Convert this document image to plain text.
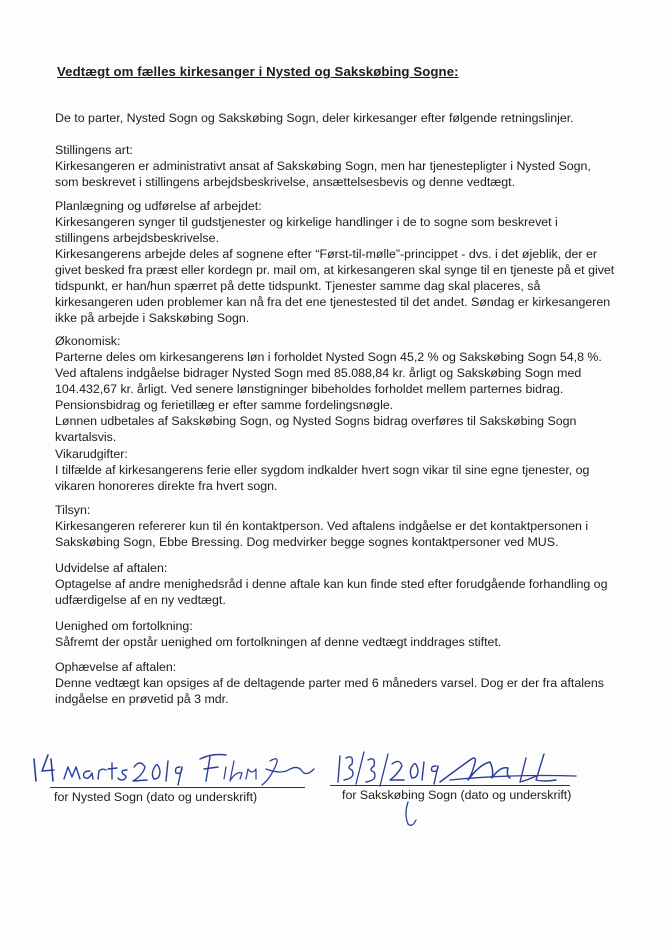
Vedtægt om fælles kirkesanger i Nysted og Sakskøbing Sogne:

De to parter, Nysted Sogn og Sakskøbing Sogn, deler kirkesanger efter følgende retningslinjer.

Stillingens art:

Kirkesangeren er administrativt ansat af Sakskøbing Sogn, men har tjenestepligter i Nysted Sogn, som beskrevet i stillingens arbejdsbeskrivelse, ansættelsesbevis og denne vedtægt.

Planlægning og udførelse af arbejdet:

Kirkesangeren synger til gudstjenester og kirkelige handlinger i de to sogne som beskrevet i stillingens arbejdsbeskrivelse.

Kirkesangerens arbejde deles af sognene efter “Først-til-mølle”-princippet - dvs. i det øjeblik, der er givet besked fra præst eller kordegn pr. mail om, at kirkesangeren skal synge til en tjeneste på et givet tidspunkt, er han/hun spærret på dette tidspunkt. Tjenester samme dag skal placeres, så kirkesangeren uden problemer kan nå fra det ene tjenestested til det andet. Søndag er kirkesangeren ikke på arbejde i Sakskøbing Sogn.

Økonomisk:

Parterne deles om kirkesangerens løn i forholdet Nysted Sogn 45,2 % og Sakskøbing Sogn 54,8 %. Ved aftalens indgåelse bidrager Nysted Sogn med 85.088,84 kr. årligt og Sakskøbing Sogn med 104.432,67 kr. årligt. Ved senere lønstigninger bibeholdes forholdet mellem parternes bidrag. Pensionsbidrag og ferietillæg er efter samme fordelingsnøgle.

Lønnen udbetales af Sakskøbing Sogn, og Nysted Sogns bidrag overføres til Sakskøbing Sogn kvartalsvis.

Vikarudgifter:

I tilfælde af kirkesangerens ferie eller sygdom indkalder hvert sogn vikar til sine egne tjenester, og vikaren honoreres direkte fra hvert sogn.

Tilsyn:

Kirkesangeren refererer kun til én kontaktperson. Ved aftalens indgåelse er det kontaktpersonen i Sakskøbing Sogn, Ebbe Bressing. Dog medvirker begge sognes kontaktpersoner ved MUS.

Udvidelse af aftalen:

Optagelse af andre menighedsråd i denne aftale kan kun finde sted efter forudgående forhandling og udfærdigelse af en ny vedtægt.

Uenighed om fortolkning:

Såfremt der opstår uenighed om fortolkningen af denne vedtægt inddrages stiftet.

Ophævelse af aftalen:

Denne vedtægt kan opsiges af de deltagende parter med 6 måneders varsel. Dog er der fra aftalens indgåelse en prøvetid på 3 mdr.

for Nysted Sogn (dato og underskrift)	for Sakskøbing Sogn (dato og underskrift)
